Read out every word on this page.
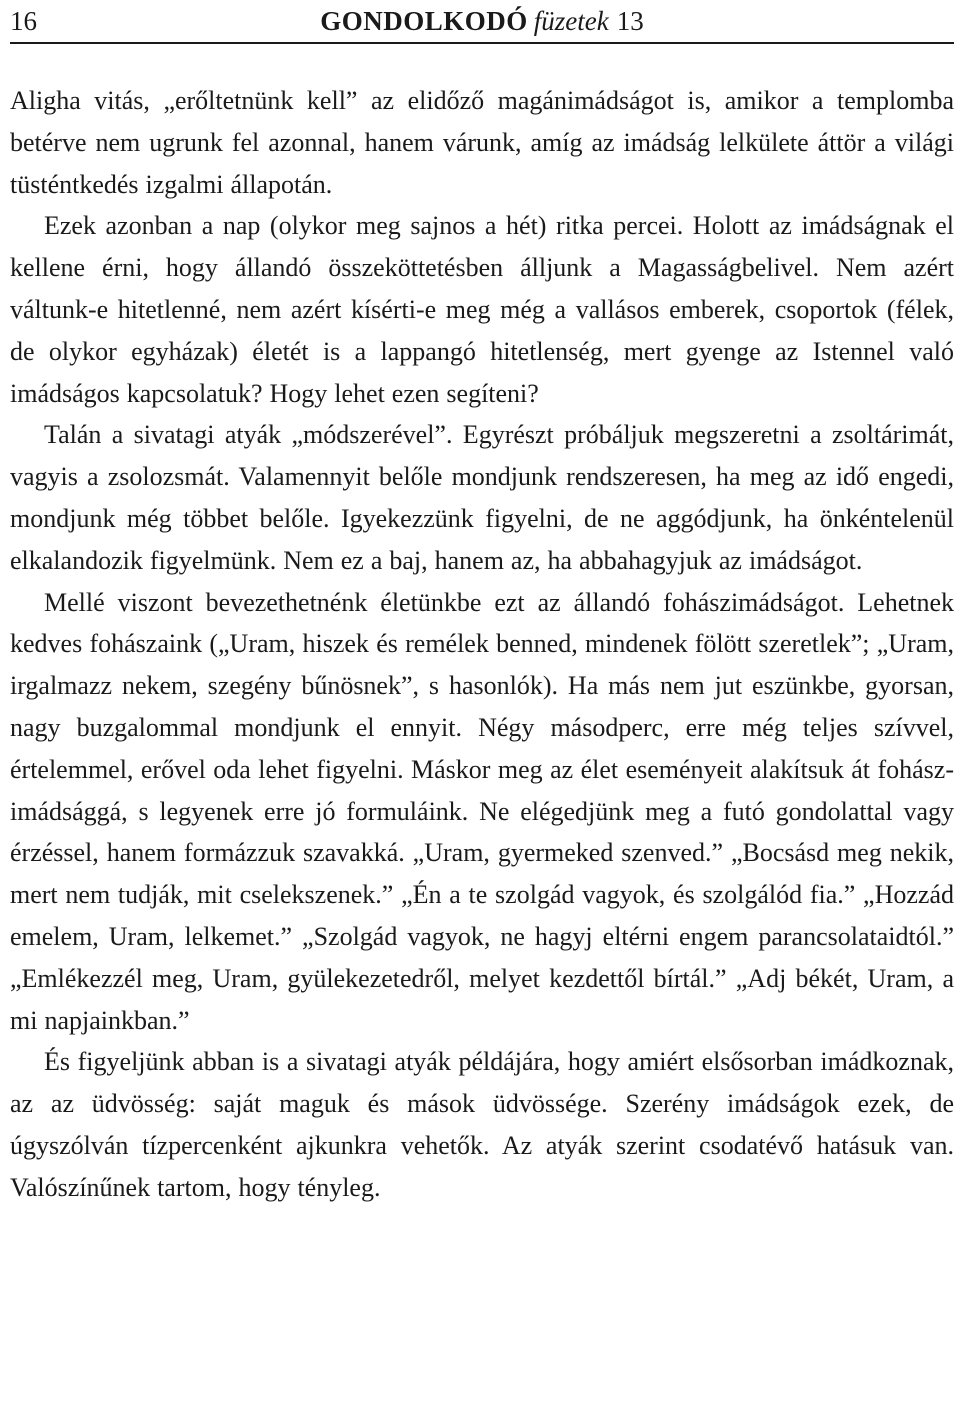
16	GONDOLKODÓ füzetek 13

Aligha vitás, „erőltetnünk kell” az elidőző magánimádságot is, amikor a templomba betérve nem ugrunk fel azonnal, hanem várunk, amíg az imádság lelkülete áttör a világi tüsténtkedés izgalmi állapotán.

Ezek azonban a nap (olykor meg sajnos a hét) ritka percei. Holott az imádságnak el kellene érni, hogy állandó összeköttetésben álljunk a Magasságbelivel. Nem azért váltunk-e hitetlenné, nem azért kísérti-e meg még a vallásos emberek, csoportok (félek, de olykor egyházak) életét is a lappangó hitetlenség, mert gyenge az Istennel való imádságos kapcsolatuk? Hogy lehet ezen segíteni?

Talán a sivatagi atyák „módszerével”. Egyrészt próbáljuk megszeretni a zsoltárimát, vagyis a zsolozsmát. Valamennyit belőle mondjunk rendszeresen, ha meg az idő engedi, mondjunk még többet belőle. Igyekezzünk figyelni, de ne aggódjunk, ha önkéntelenül elkalandozik figyelmünk. Nem ez a baj, hanem az, ha abbahagyjuk az imádságot.

Mellé viszont bevezethetnénk életünkbe ezt az állandó fohászimádságot. Lehetnek kedves fohászaink („Uram, hiszek és remélek benned, mindenek fölött szeretlek”; „Uram, irgalmazz nekem, szegény bűnösnek”, s hasonlók). Ha más nem jut eszünkbe, gyorsan, nagy buzgalommal mondjunk el ennyit. Négy másodperc, erre még teljes szívvel, értelemmel, erővel oda lehet figyelni. Máskor meg az élet eseményeit alakítsuk át fohász-imádsággá, s legyenek erre jó formuláink. Ne elégedjünk meg a futó gondolattal vagy érzéssel, hanem formázzuk szavakká. „Uram, gyermeked szenved.” „Bocsásd meg nekik, mert nem tudják, mit cselekszenek.” „Én a te szolgád vagyok, és szolgálód fia.” „Hozzád emelem, Uram, lelkemet.” „Szolgád vagyok, ne hagyj eltérni engem parancsolataidtól.” „Emlékezzél meg, Uram, gyülekezetedről, melyet kezdettől bírtál.” „Adj békét, Uram, a mi napjainkban.”

És figyeljünk abban is a sivatagi atyák példájára, hogy amiért elsősorban imádkoznak, az az üdvösség: saját maguk és mások üdvössége. Szerény imádságok ezek, de úgyszólván tízpercenként ajkunkra vehetők. Az atyák szerint csodatévő hatásuk van. Valószínűnek tartom, hogy tényleg.
